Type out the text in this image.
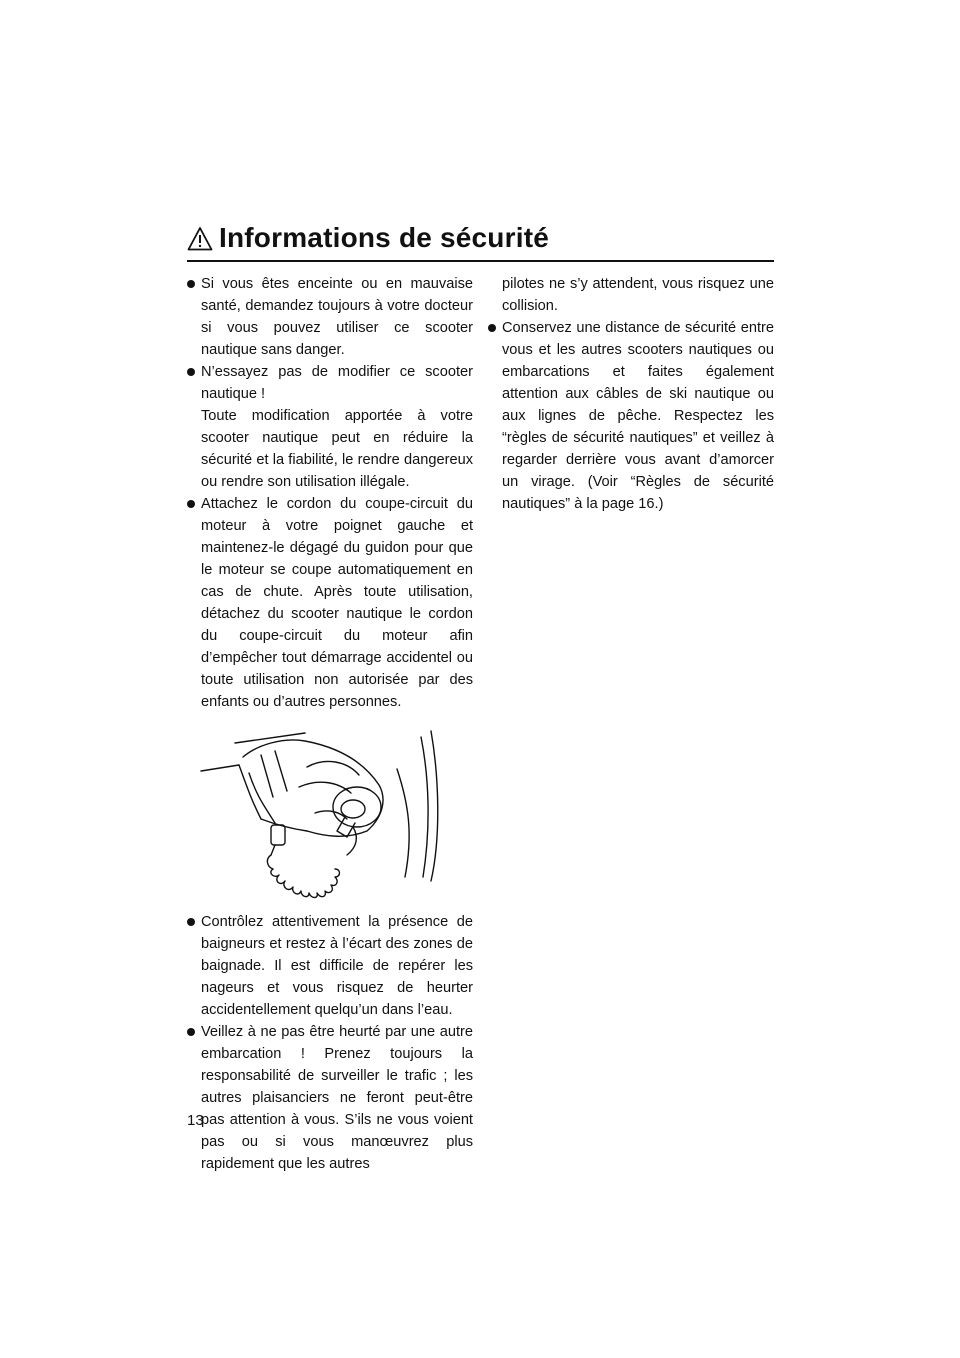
Informations de sécurité

Si vous êtes enceinte ou en mauvaise santé, demandez toujours à votre docteur si vous pouvez utiliser ce scooter nautique sans danger.

N’essayez pas de modifier ce scooter nautique !

Toute modification apportée à votre scooter nautique peut en réduire la sécurité et la fiabilité, le rendre dangereux ou rendre son utilisation illégale.

Attachez le cordon du coupe-circuit du moteur à votre poignet gauche et maintenez-le dégagé du guidon pour que le moteur se coupe automatiquement en cas de chute. Après toute utilisation, détachez du scooter nautique le cordon du coupe-circuit du moteur afin d’empêcher tout démarrage accidentel ou toute utilisation non autorisée par des enfants ou d’autres personnes.

Contrôlez attentivement la présence de baigneurs et restez à l’écart des zones de baignade. Il est difficile de repérer les nageurs et vous risquez de heurter accidentellement quelqu’un dans l’eau.

Veillez à ne pas être heurté par une autre embarcation ! Prenez toujours la responsabilité de surveiller le trafic ; les autres plaisanciers ne feront peut-être pas attention à vous. S’ils ne vous voient pas ou si vous manœuvrez plus rapidement que les autres

pilotes ne s’y attendent, vous risquez une collision.

Conservez une distance de sécurité entre vous et les autres scooters nautiques ou embarcations et faites également attention aux câbles de ski nautique ou aux lignes de pêche. Respectez les “règles de sécurité nautiques” et veillez à regarder derrière vous avant d’amorcer un virage. (Voir “Règles de sécurité nautiques” à la page 16.)

13
